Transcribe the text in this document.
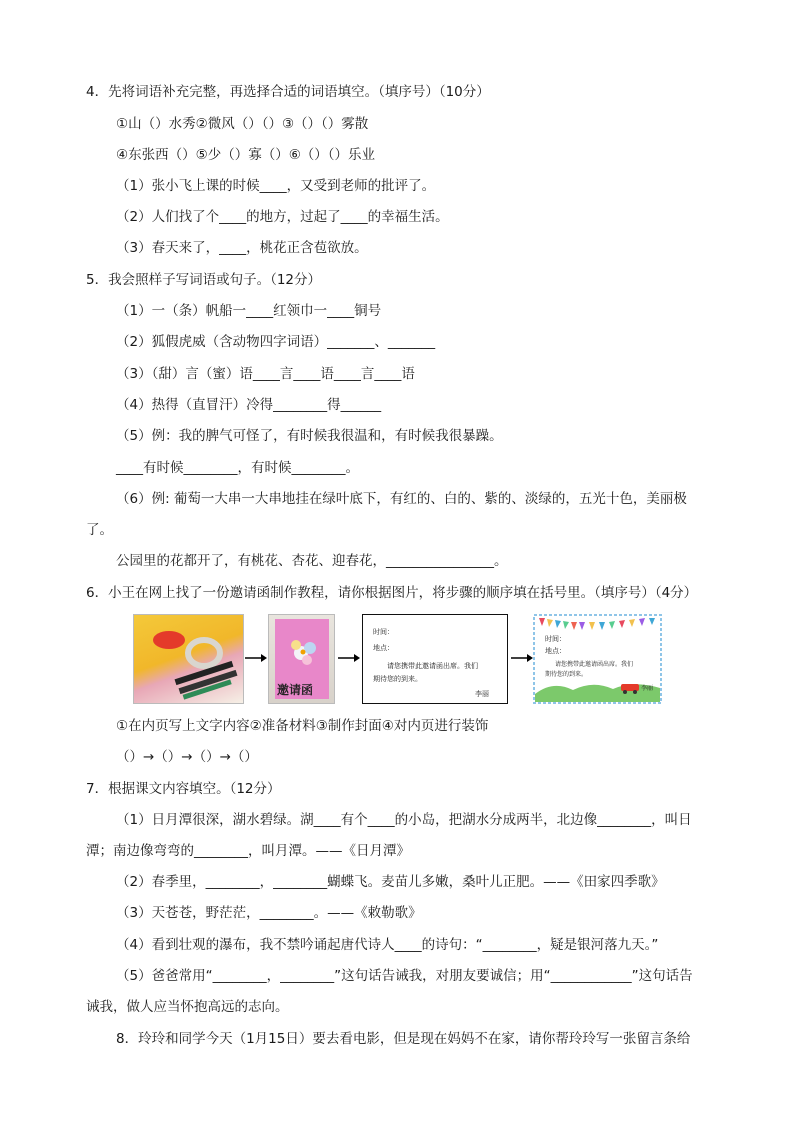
4．先将词语补充完整，再选择合适的词语填空。（填序号）（10分）
①山（）水秀②微风（）（）③（）（）雾散
④东张西（）⑤少（）寡（）⑥（）（）乐业
（1）张小飞上课的时候____，又受到老师的批评了。
（2）人们找了个____的地方，过起了____的幸福生活。
（3）春天来了，____，桃花正含苞欲放。
5．我会照样子写词语或句子。（12分）
（1）一（条）帆船一____红领巾一____铜号
（2）狐假虎威（含动物四字词语）_______、_______
（3）（甜）言（蜜）语____言____语____言____语
（4）热得（直冒汗）冷得________得______
（5）例：我的脾气可怪了，有时候我很温和，有时候我很暴躁。
____有时候________，有时候________。
（6）例: 葡萄一大串一大串地挂在绿叶底下，有红的、白的、紫的、淡绿的，五光十色，美丽极
了。
公园里的花都开了，有桃花、杏花、迎春花，________________。
6．小王在网上找了一份邀请函制作教程，请你根据图片，将步骤的顺序填在括号里。（填序号）（4分）
邀请函
时间：
地点：
请您携带此邀请函出席。我们
期待您的到来。
李丽
时间：
地点：
请您携带此邀请函出席。我们
期待您的到来。
李丽
①在内页写上文字内容②准备材料③制作封面④对内页进行装饰
（）→（）→（）→（）
7．根据课文内容填空。（12分）
（1）日月潭很深，湖水碧绿。湖____有个____的小岛，把湖水分成两半，北边像________，叫日
潭；南边像弯弯的________，叫月潭。——《日月潭》
（2）春季里，________，________蝴蝶飞。麦苗儿多嫩，桑叶儿正肥。——《田家四季歌》
（3）天苍苍，野茫茫，________。——《敕勒歌》
（4）看到壮观的瀑布，我不禁吟诵起唐代诗人____的诗句：“________，疑是银河落九天。”
（5）爸爸常用“________，________”这句话告诫我，对朋友要诚信；用“____________”这句话告
诫我，做人应当怀抱高远的志向。
8．玲玲和同学今天（1月15日）要去看电影，但是现在妈妈不在家，请你帮玲玲写一张留言条给
